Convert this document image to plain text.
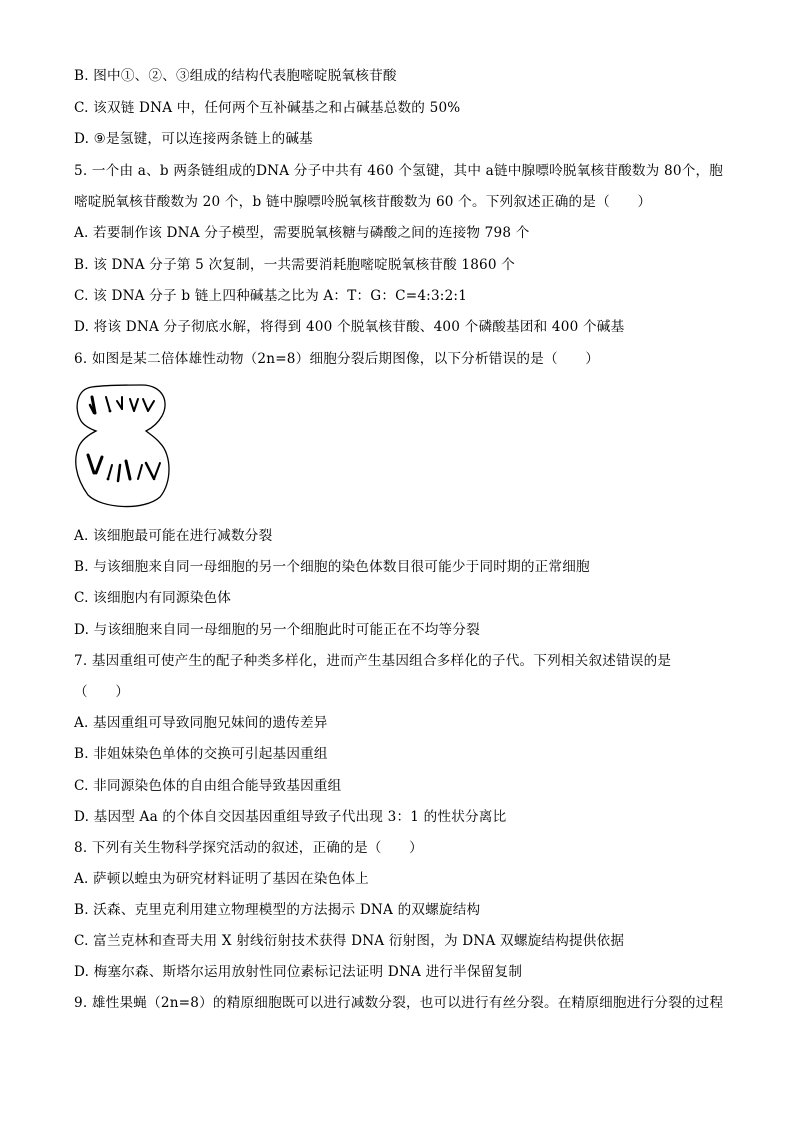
B. 图中①、②、③组成的结构代表胞嘧啶脱氧核苷酸
C. 该双链 DNA 中，任何两个互补碱基之和占碱基总数的 50%
D. ⑨是氢键，可以连接两条链上的碱基
5. 一个由 a、b 两条链组成的DNA 分子中共有 460 个氢键，其中 a链中腺嘌呤脱氧核苷酸数为 80个，胞
嘧啶脱氧核苷酸数为 20 个，b 链中腺嘌呤脱氧核苷酸数为 60 个。下列叙述正确的是（　　）
A. 若要制作该 DNA 分子模型，需要脱氧核糖与磷酸之间的连接物 798 个
B. 该 DNA 分子第 5 次复制，一共需要消耗胞嘧啶脱氧核苷酸 1860 个
C. 该 DNA 分子 b 链上四种碱基之比为 A：T：G：C=4:3:2:1
D. 将该 DNA 分子彻底水解，将得到 400 个脱氧核苷酸、400 个磷酸基团和 400 个碱基
6. 如图是某二倍体雄性动物（2n=8）细胞分裂后期图像，以下分析错误的是（　　）
A. 该细胞最可能在进行减数分裂
B. 与该细胞来自同一母细胞的另一个细胞的染色体数目很可能少于同时期的正常细胞
C. 该细胞内有同源染色体
D. 与该细胞来自同一母细胞的另一个细胞此时可能正在不均等分裂
7. 基因重组可使产生的配子种类多样化，进而产生基因组合多样化的子代。下列相关叙述错误的是
（　　）
A. 基因重组可导致同胞兄妹间的遗传差异
B. 非姐妹染色单体的交换可引起基因重组
C. 非同源染色体的自由组合能导致基因重组
D. 基因型 Aa 的个体自交因基因重组导致子代出现 3：1 的性状分离比
8. 下列有关生物科学探究活动的叙述，正确的是（　　）
A. 萨顿以蝗虫为研究材料证明了基因在染色体上
B. 沃森、克里克利用建立物理模型的方法揭示 DNA 的双螺旋结构
C. 富兰克林和查哥夫用 X 射线衍射技术获得 DNA 衍射图，为 DNA 双螺旋结构提供依据
D. 梅塞尔森、斯塔尔运用放射性同位素标记法证明 DNA 进行半保留复制
9. 雄性果蝇（2n=8）的精原细胞既可以进行减数分裂，也可以进行有丝分裂。在精原细胞进行分裂的过程
